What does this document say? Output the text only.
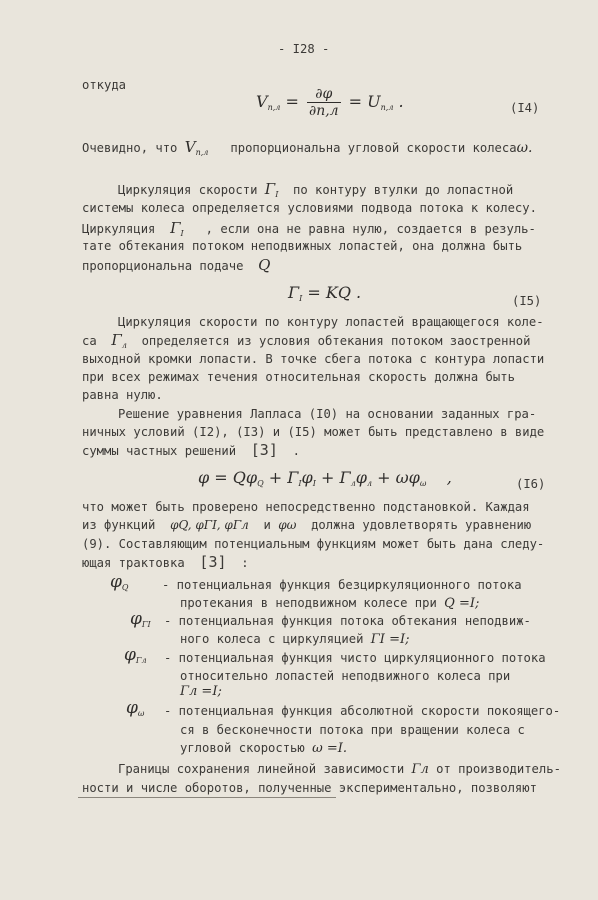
- I28 -
откуда
$V_{п,л} = \frac{\partial\varphi}{\partial n,л} = U_{п,л}$ .	(I4)
Очевидно, что $V_{п,л}$ пропорциональна угловой скорости колесаω.
Циркуляция скорости $\Gamma_I$ по контуру втулки до лопастной
системы колеса определяется условиями подвода потока к колесу.
Циркуляция $\Gamma_I$ , если она не равна нулю, создается в резуль-
тате обтекания потоком неподвижных лопастей, она должна быть
пропорциональна подаче Q
$\Gamma_I$ = KQ .	(I5)
Циркуляция скорости по контуру лопастей вращающегося коле-
са $\Gamma_л$ определяется из условия обтекания потоком заостренной
выходной кромки лопасти. В точке сбега потока с контура лопасти
при всех режимах течения относительная скорость должна быть
равна нулю.
Решение уравнения Лапласа (I0) на основании заданных гра-
ничных условий (I2), (I3) и (I5) может быть представлено в виде
суммы частных решений [3] .
$\varphi = Q\varphi_Q + \Gamma_I\varphi_I + \Gamma_л\varphi_л + \omega\varphi_\omega$ ,	(I6)
что может быть проверено непосредственно подстановкой. Каждая
из функций φQ, φΓI, φΓл и φω должна удовлетворять уравнению
(9). Составляющим потенциальным функциям может быть дана следу-
ющая трактовка [3] :
$\varphi_Q$	- потенциальная функция безциркуляционного потока
протекания в неподвижном колесе при Q =I;
$\varphi_{\Gamma I}$ - потенциальная функция потока обтекания неподвиж-
ного колеса с циркуляцией ΓI =I;
$\varphi_{\Gamma л}$ - потенциальная функция чисто циркуляционного потока
относительно лопастей неподвижного колеса при
Γл =I;
$\varphi_\omega$ - потенциальная функция абсолютной скорости покоящего-
ся в бесконечности потока при вращении колеса с
угловой скоростью ω =I.
Границы сохранения линейной зависимости Γл от производитель-
ности и числе оборотов, полученные экспериментально, позволяют
